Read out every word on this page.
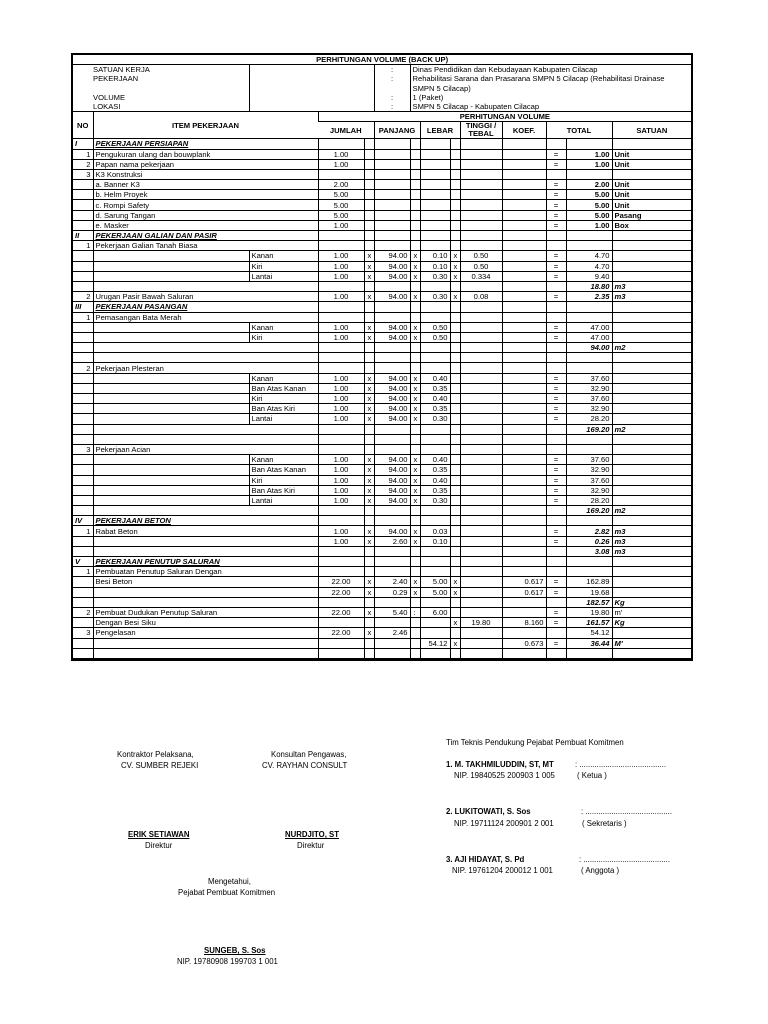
PERHITUNGAN VOLUME (BACK UP)													
SATUAN KERJA					:	Dinas Pendidikan dan Kebudayaan Kabupaten Cilacap							
PEKERJAAN					:	Rehabilitasi Sarana dan Prasarana SMPN 5 Cilacap (Rehabilitasi Drainase							
						SMPN 5 Cilacap)							
VOLUME					:	1 (Paket)							
LOKASI					:	SMPN 5 Cilacap - Kabupaten Cilacap							
NO	ITEM PEKERJAAN		PERHITUNGAN VOLUME										
			JUMLAH		PANJANG		LEBAR		TINGGI /
TEBAL	KOEF.	TOTAL		SATUAN
I	PEKERJAAN PERSIAPAN												
1	Pengukuran ulang dan bouwplank		1.00								=	1.00	Unit
2	Papan nama pekerjaan		1.00								=	1.00	Unit
3	K3 Konstruksi												
	a. Banner K3		2.00								=	2.00	Unit
	b. Helm Proyek		5.00								=	5.00	Unit
	c. Rompi Safety		5.00								=	5.00	Unit
	d. Sarung Tangan		5.00								=	5.00	Pasang
	e. Masker		1.00								=	1.00	Box
II	PEKERJAAN GALIAN DAN PASIR												
1	Pekerjaan Galian Tanah Biasa												
		Kanan	1.00	x	94.00	x	0.10	x	0.50		=	4.70	
		Kiri	1.00	x	94.00	x	0.10	x	0.50		=	4.70	
		Lantai	1.00	x	94.00	x	0.30	x	0.334		=	9.40	
												18.80	m3
2	Urugan Pasir Bawah Saluran		1.00	x	94.00	x	0.30	x	0.08		=	2.35	m3
III	PEKERJAAN PASANGAN												
1	Pemasangan Bata Merah												
		Kanan	1.00	x	94.00	x	0.50				=	47.00	
		Kiri	1.00	x	94.00	x	0.50				=	47.00	
												94.00	m2

2	Pekerjaan Plesteran												
		Kanan	1.00	x	94.00	x	0.40				=	37.60	
		Ban Atas Kanan	1.00	x	94.00	x	0.35				=	32.90	
		Kiri	1.00	x	94.00	x	0.40				=	37.60	
		Ban Atas Kiri	1.00	x	94.00	x	0.35				=	32.90	
		Lantai	1.00	x	94.00	x	0.30				=	28.20	
												169.20	m2

3	Pekerjaan Acian												
		Kanan	1.00	x	94.00	x	0.40				=	37.60	
		Ban Atas Kanan	1.00	x	94.00	x	0.35				=	32.90	
		Kiri	1.00	x	94.00	x	0.40				=	37.60	
		Ban Atas Kiri	1.00	x	94.00	x	0.35				=	32.90	
		Lantai	1.00	x	94.00	x	0.30				=	28.20	
												169.20	m2
IV	PEKERJAAN BETON												
1	Rabat Beton		1.00	x	94.00	x	0.03				=	2.82	m3
			1.00	x	2.60	x	0.10				=	0.26	m3
												3.08	m3
V	PEKERJAAN PENUTUP SALURAN												
1	Pembuatan Penutup Saluran Dengan												
	Besi Beton		22.00	x	2.40	x	5.00	x		0.617	=	162.89	
			22.00	x	0.29	x	5.00	x		0.617	=	19.68	
												182.57	Kg
2	Pembuat Dudukan Penutup Saluran		22.00	x	5.40	:	6.00				=	19.80	m'
	Dengan Besi Siku							x	19.80	8.160	=	161.57	Kg
3	Pengelasan		22.00	x	2.46							54.12	
							54.12	x		0.673	=	36.44	M'

Kontraktor Pelaksana,
CV. SUMBER REJEKI
Konsultan Pengawas,
CV. RAYHAN CONSULT
ERIK SETIAWAN
Direktur
NURDJITO, ST
Direktur
Mengetahui,
Pejabat Pembuat Komitmen
SUNGEB, S. Sos
NIP. 19780908 199703 1 001
Tim Teknis Pendukung Pejabat Pembuat Komitmen
1. M. TAKHMILUDDIN, ST, MT	: ........................................
NIP. 19840525 200903 1 005	( Ketua )
2. LUKITOWATI, S. Sos	: ........................................
NIP. 19711124 200901 2 001	( Sekretaris )
3. AJI HIDAYAT, S. Pd	: ........................................
NIP. 19761204 200012 1 001	( Anggota )
